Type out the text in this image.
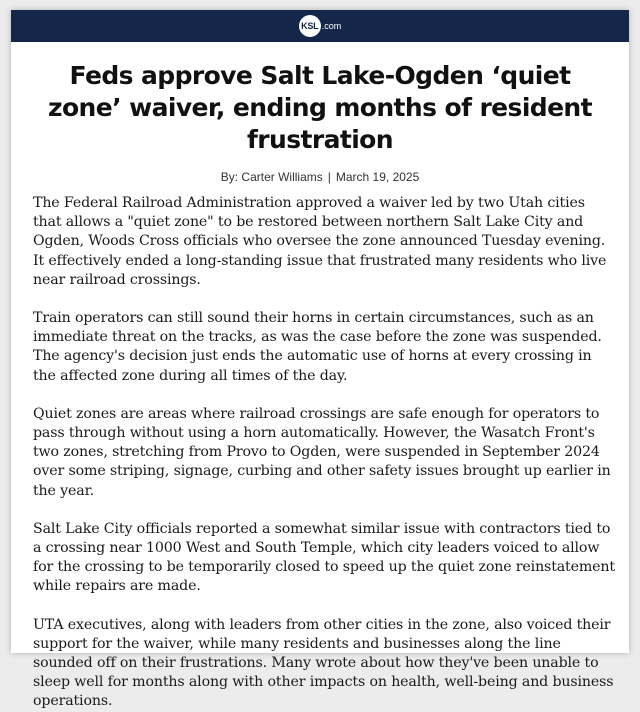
KSL .com
Feds approve Salt Lake-Ogden ‘quiet zone’ waiver, ending months of resident frustration
By: Carter Williams | March 19, 2025

The Federal Railroad Administration approved a waiver led by two Utah cities that allows a "quiet zone" to be restored between northern Salt Lake City and Ogden, Woods Cross officials who oversee the zone announced Tuesday evening. It effectively ended a long-standing issue that frustrated many residents who live near railroad crossings.

Train operators can still sound their horns in certain circumstances, such as an immediate threat on the tracks, as was the case before the zone was suspended. The agency's decision just ends the automatic use of horns at every crossing in the affected zone during all times of the day.

Quiet zones are areas where railroad crossings are safe enough for operators to pass through without using a horn automatically. However, the Wasatch Front's two zones, stretching from Provo to Ogden, were suspended in September 2024 over some striping, signage, curbing and other safety issues brought up earlier in the year.

Salt Lake City officials reported a somewhat similar issue with contractors tied to a crossing near 1000 West and South Temple, which city leaders voiced to allow for the crossing to be temporarily closed to speed up the quiet zone reinstatement while repairs are made.

UTA executives, along with leaders from other cities in the zone, also voiced their support for the waiver, while many residents and businesses along the line sounded off on their frustrations. Many wrote about how they've been unable to sleep well for months along with other impacts on health, well-being and business operations.
